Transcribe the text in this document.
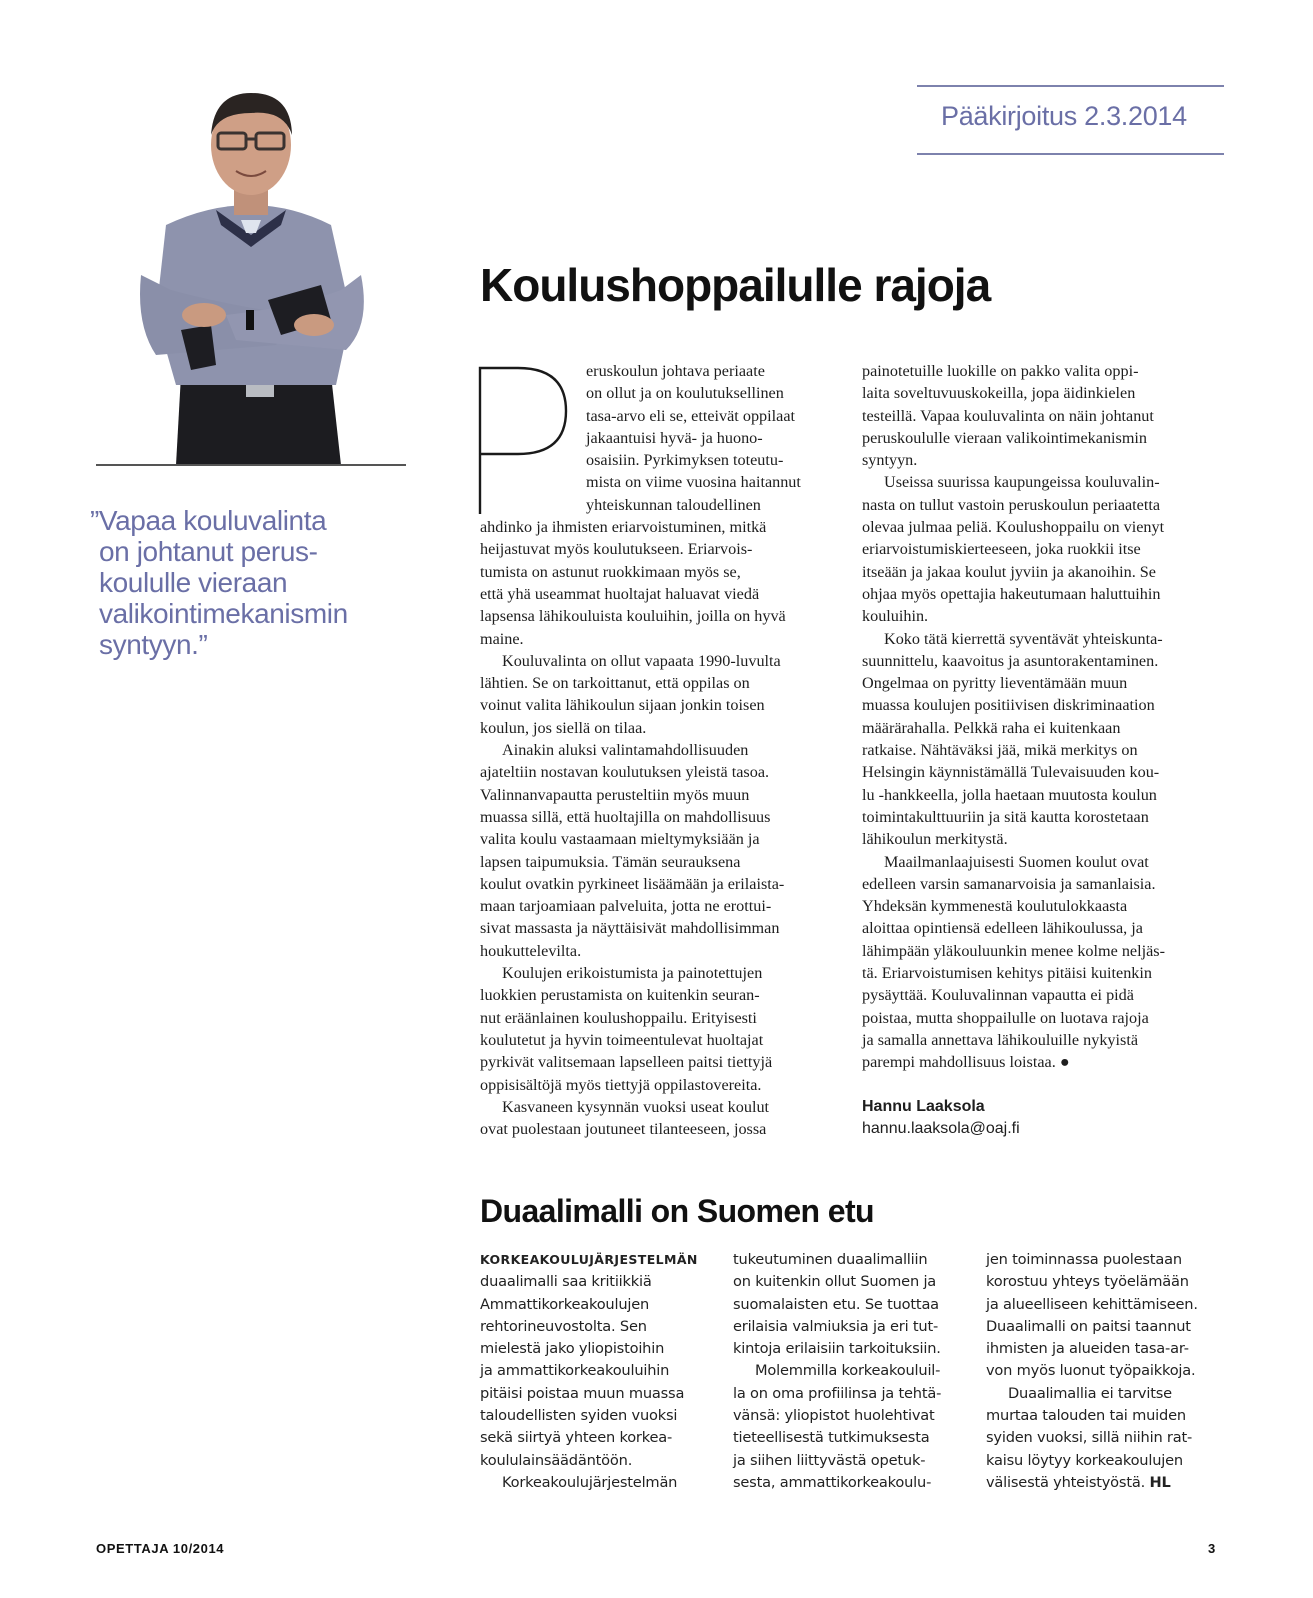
Pääkirjoitus 2.3.2014
”Vapaa kouluvalinta
on johtanut perus-
koululle vieraan
valikointimekanismin
syntyyn.”
Koulushoppailulle rajoja
eruskoulun johtava periaate
on ollut ja on koulutuksellinen
tasa-arvo eli se, etteivät oppilaat
jakaantuisi hyvä- ja huono-
osaisiin. Pyrkimyksen toteutu-
mista on viime vuosina haitannut
yhteiskunnan taloudellinen
ahdinko ja ihmisten eriarvoistuminen, mitkä
heijastuvat myös koulutukseen. Eriarvois-
tumista on astunut ruokkimaan myös se,
että yhä useammat huoltajat haluavat viedä
lapsensa lähikouluista kouluihin, joilla on hyvä
maine.
Kouluvalinta on ollut vapaata 1990-luvulta
lähtien. Se on tarkoittanut, että oppilas on
voinut valita lähikoulun sijaan jonkin toisen
koulun, jos siellä on tilaa.
Ainakin aluksi valintamahdollisuuden
ajateltiin nostavan koulutuksen yleistä tasoa.
Valinnanvapautta perusteltiin myös muun
muassa sillä, että huoltajilla on mahdollisuus
valita koulu vastaamaan mieltymyksiään ja
lapsen taipumuksia. Tämän seurauksena
koulut ovatkin pyrkineet lisäämään ja erilaista-
maan tarjoamiaan palveluita, jotta ne erottui-
sivat massasta ja näyttäisivät mahdollisimman
houkuttelevilta.
Koulujen erikoistumista ja painotettujen
luokkien perustamista on kuitenkin seuran-
nut eräänlainen koulushoppailu. Erityisesti
koulutetut ja hyvin toimeentulevat huoltajat
pyrkivät valitsemaan lapselleen paitsi tiettyjä
oppisisältöjä myös tiettyjä oppilastovereita.
Kasvaneen kysynnän vuoksi useat koulut
ovat puolestaan joutuneet tilanteeseen, jossa
painotetuille luokille on pakko valita oppi-
laita soveltuvuuskokeilla, jopa äidinkielen
testeillä. Vapaa kouluvalinta on näin johtanut
peruskoululle vieraan valikointimekanismin
syntyyn.
Useissa suurissa kaupungeissa kouluvalin-
nasta on tullut vastoin peruskoulun periaatetta
olevaa julmaa peliä. Koulushoppailu on vienyt
eriarvoistumiskierteeseen, joka ruokkii itse
itseään ja jakaa koulut jyviin ja akanoihin. Se
ohjaa myös opettajia hakeutumaan haluttuihin
kouluihin.
Koko tätä kierrettä syventävät yhteiskunta-
suunnittelu, kaavoitus ja asuntorakentaminen.
Ongelmaa on pyritty lieventämään muun
muassa koulujen positiivisen diskriminaation
määrärahalla. Pelkkä raha ei kuitenkaan
ratkaise. Nähtäväksi jää, mikä merkitys on
Helsingin käynnistämällä Tulevaisuuden kou-
lu -hankkeella, jolla haetaan muutosta koulun
toimintakulttuuriin ja sitä kautta korostetaan
lähikoulun merkitystä.
Maailmanlaajuisesti Suomen koulut ovat
edelleen varsin samanarvoisia ja samanlaisia.
Yhdeksän kymmenestä koulutulokkaasta
aloittaa opintiensä edelleen lähikoulussa, ja
lähimpään yläkouluunkin menee kolme neljäs-
tä. Eriarvoistumisen kehitys pitäisi kuitenkin
pysäyttää. Kouluvalinnan vapautta ei pidä
poistaa, mutta shoppailulle on luotava rajoja
ja samalla annettava lähikouluille nykyistä
parempi mahdollisuus loistaa. ●
Hannu Laaksola
hannu.laaksola@oaj.fi
Duaalimalli on Suomen etu
KORKEAKOULUJÄRJESTELMÄN
duaalimalli saa kritiikkiä
Ammattikorkeakoulujen
rehtorineuvostolta. Sen
mielestä jako yliopistoihin
ja ammattikorkeakouluihin
pitäisi poistaa muun muassa
taloudellisten syiden vuoksi
sekä siirtyä yhteen korkea-
koululainsäädäntöön.
Korkeakoulujärjestelmän
tukeutuminen duaalimalliin
on kuitenkin ollut Suomen ja
suomalaisten etu. Se tuottaa
erilaisia valmiuksia ja eri tut-
kintoja erilaisiin tarkoituksiin.
Molemmilla korkeakouluil-
la on oma profiilinsa ja tehtä-
vänsä: yliopistot huolehtivat
tieteellisestä tutkimuksesta
ja siihen liittyvästä opetuk-
sesta, ammattikorkeakoulu-
jen toiminnassa puolestaan
korostuu yhteys työelämään
ja alueelliseen kehittämiseen.
Duaalimalli on paitsi taannut
ihmisten ja alueiden tasa-ar-
von myös luonut työpaikkoja.
Duaalimallia ei tarvitse
murtaa talouden tai muiden
syiden vuoksi, sillä niihin rat-
kaisu löytyy korkeakoulujen
välisestä yhteistyöstä. HL
OPETTAJA 10/2014	3
